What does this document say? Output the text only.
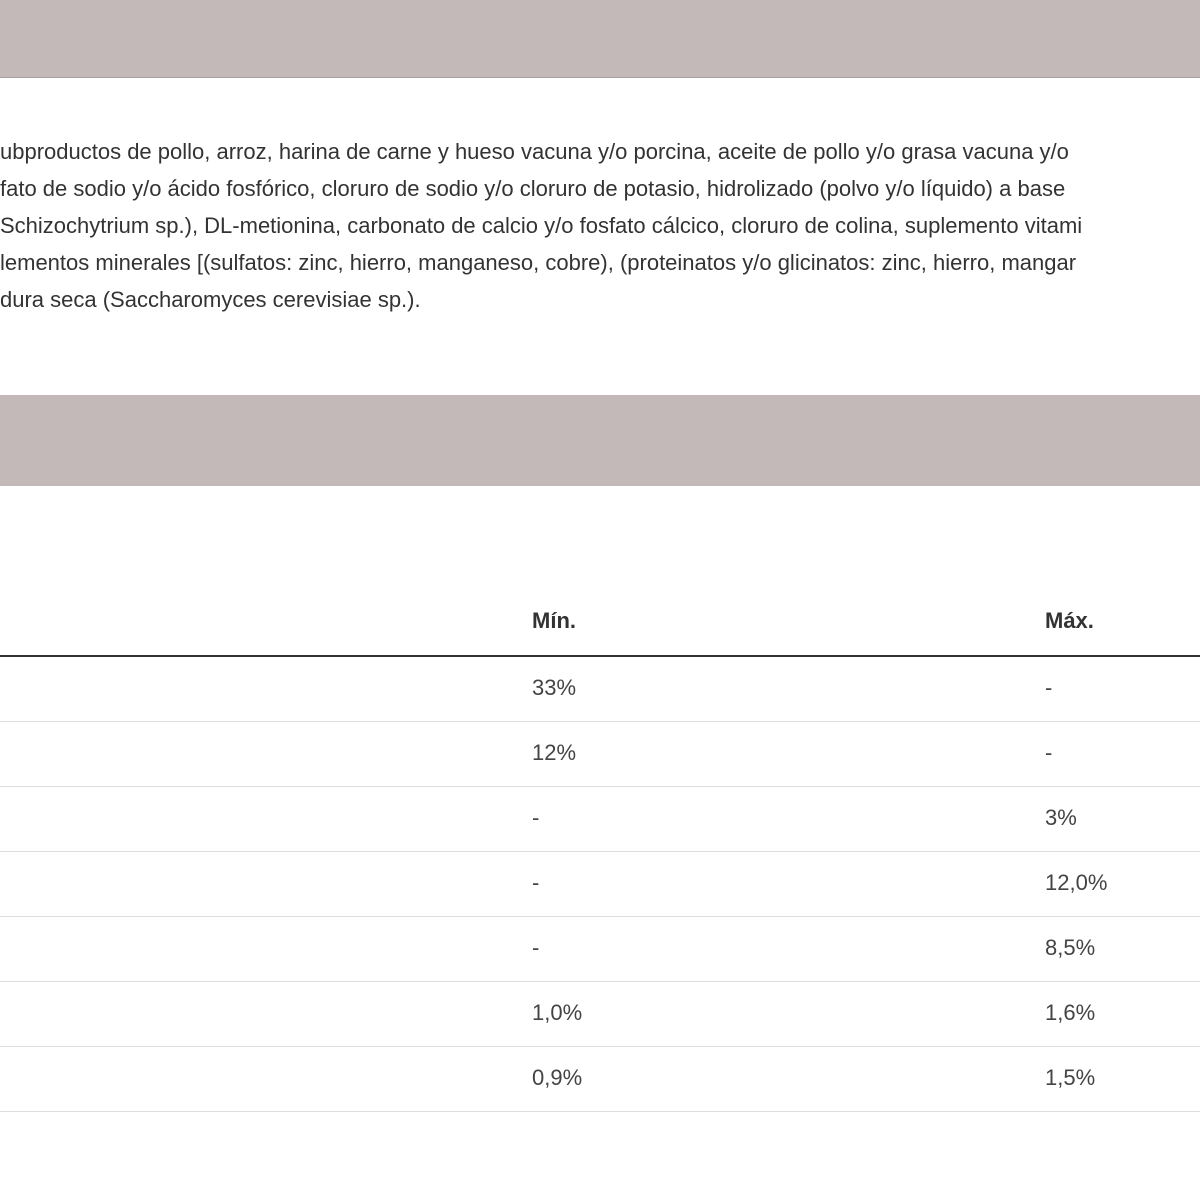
ubproductos de pollo, arroz, harina de carne y hueso vacuna y/o porcina, aceite de pollo y/o grasa vacuna y/o
fato de sodio y/o ácido fosfórico, cloruro de sodio y/o cloruro de potasio, hidrolizado (polvo y/o líquido) a base
Schizochytrium sp.), DL-metionina, carbonato de calcio y/o fosfato cálcico, cloruro de colina, suplemento vitami
lementos minerales [(sulfatos: zinc, hierro, manganeso, cobre), (proteinatos y/o glicinatos: zinc, hierro, mangar
dura seca (Saccharomyces cerevisiae sp.).
Mín.	Máx.
33%	-
12%	-
-	3%
-	12,0%
-	8,5%
1,0%	1,6%
0,9%	1,5%
